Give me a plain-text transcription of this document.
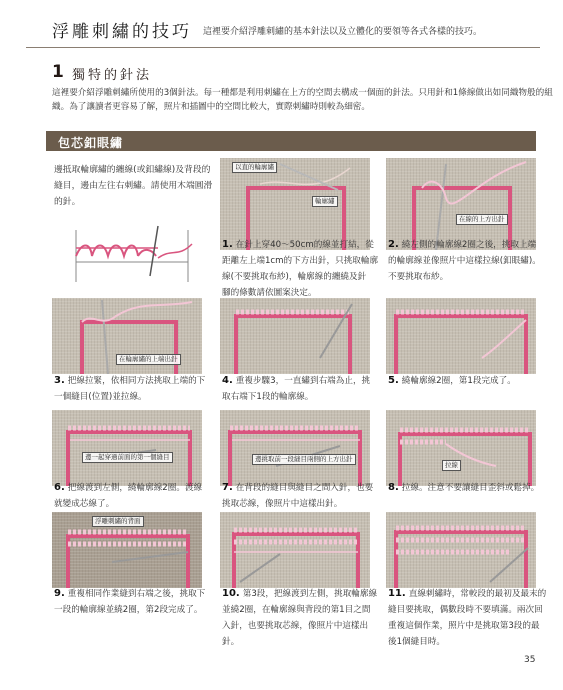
浮雕刺繡的技巧 這裡要介紹浮雕刺繡的基本針法以及立體化的要領等各式各樣的技巧。
1 獨特的針法
這裡要介紹浮雕刺繡所使用的3個針法。每一種都是利用刺繡在上方的空間去構成一個面的針法。只用針和1條線做出如同織物般的組
織。為了讓讀者更容易了解，照片和插圖中的空間比較大，實際刺繡時則較為細密。
包芯釦眼繡
邊抵取輪廓繡的纏線(或釦繡線)及背段的
縫目，邊由左往右刺繡。請使用木端圓滑
的針。
以直的輪廓繡
輪廓繡
在線的上方出針
1. 在針上穿40～50cm的線並打結，從
距離左上端1cm的下方出針，只挑取輪廓
線(不要挑取布紗)，輪廓線的纏繞及針
腳的條數請依圖案決定。
2. 繞左側的輪廓線2圈之後，挑取上端
的輪廓線並像照片中這樣拉線(釦眼繡)。
不要挑取布紗。
在輪廓繡的上端出針
3. 把線拉緊，依相同方法挑取上端的下
一個縫目(位置)並拉線。
4. 重複步驟3，一直繡到右端為止，挑
取右端下1段的輪廓線。
5. 繞輪廓線2圈，第1段完成了。
邊一起穿過前面的第一個縫目	邊挑取前一段縫目兩側的上方出針
拉線
6. 把線渡到左側，繞輪廓線2圈。渡線
就變成芯線了。
7. 在背段的縫目與縫目之間入針，也要
挑取芯線，像照片中這樣出針。
8. 拉線。注意不要讓縫目歪斜或鬆掉。
浮雕刺繡的背面
9. 重複相同作業縫到右端之後，挑取下
一段的輪廓線並繞2圈，第2段完成了。
10. 第3段，把線渡到左側，挑取輪廓線
並繞2圈，在輪廓線與背段的第1目之間
入針，也要挑取芯線，像照片中這樣出
針。
11. 直線刺繡時，常較段的最初及最末的
縫目要挑取，偶數段時不要填滿。兩次回
重複這個作業，照片中是挑取第3段的最
後1個縫目時。
35
